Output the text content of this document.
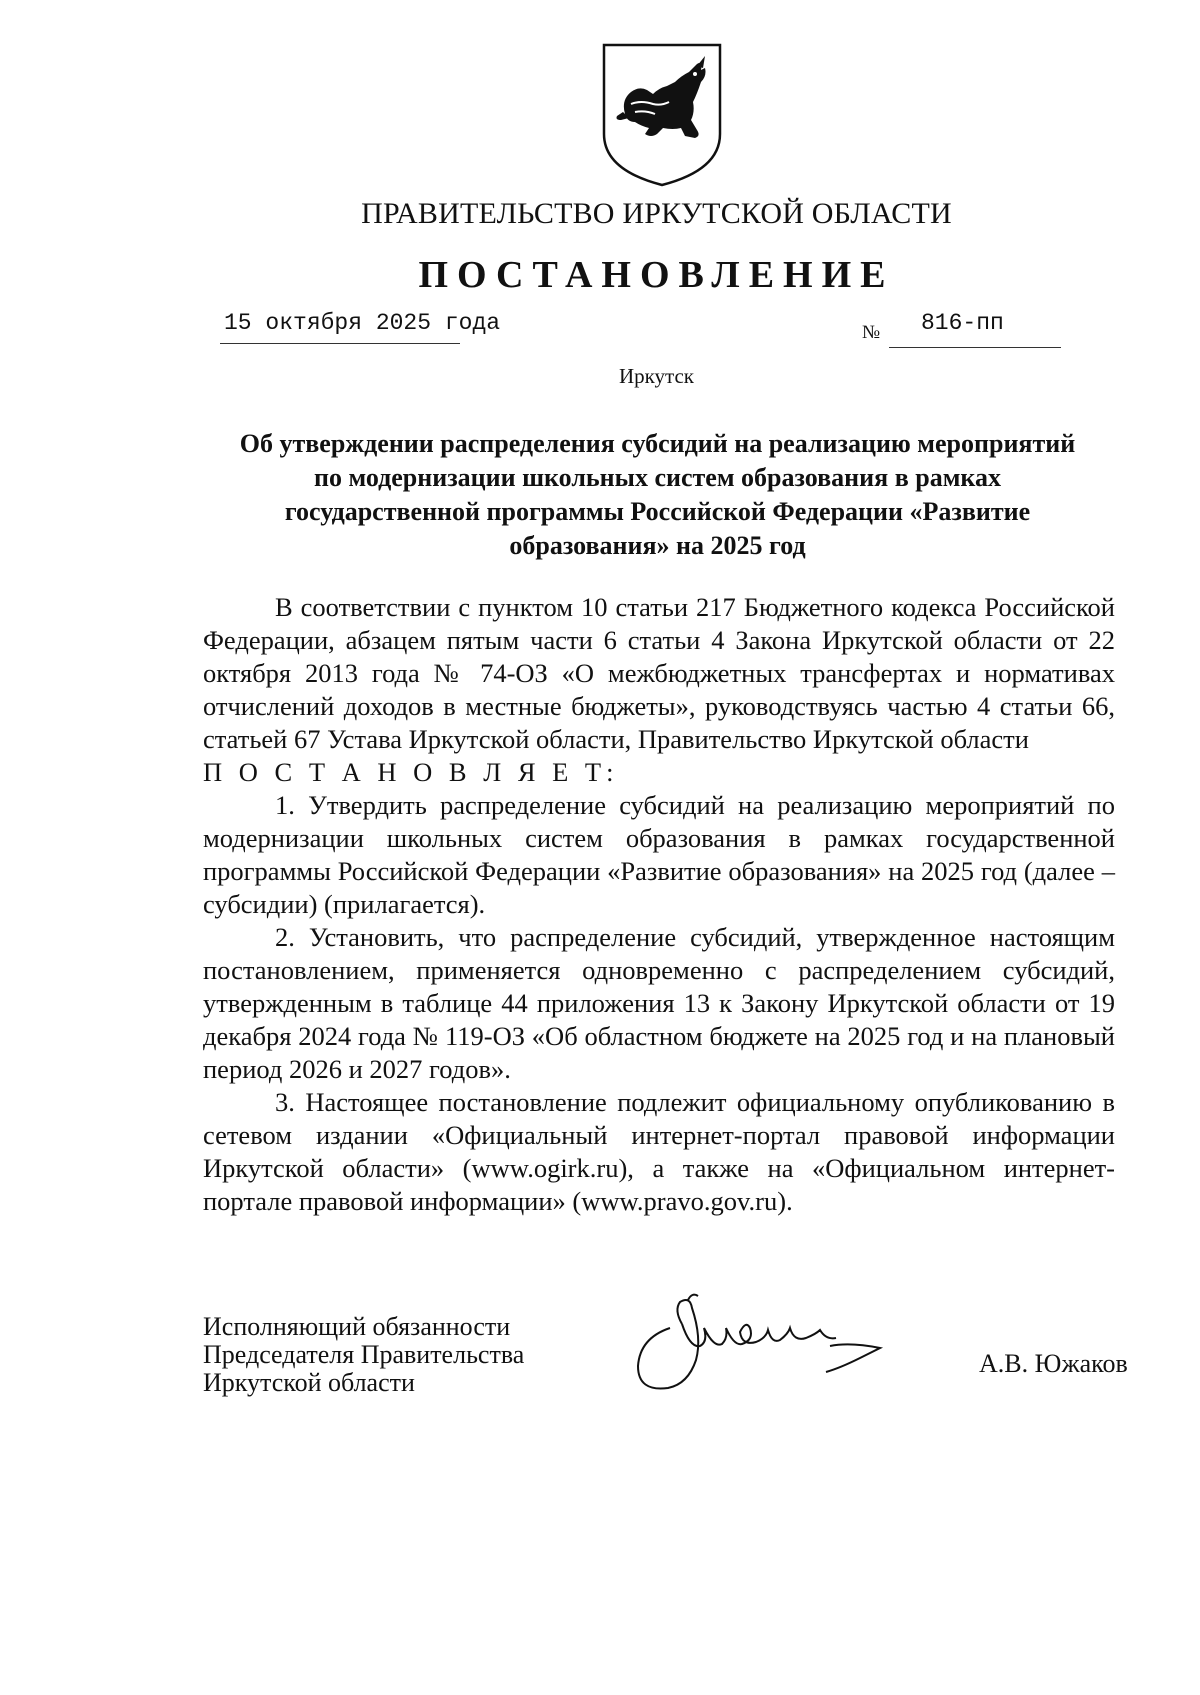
ПРАВИТЕЛЬСТВО ИРКУТСКОЙ ОБЛАСТИ
ПОСТАНОВЛЕНИЕ
15 октября 2025 года	№ 816-пп
Иркутск
Об утверждении распределения субсидий на реализацию мероприятий
по модернизации школьных систем образования в рамках
государственной программы Российской Федерации «Развитие
образования» на 2025 год

В соответствии с пунктом 10 статьи 217 Бюджетного кодекса Российской Федерации, абзацем пятым части 6 статьи 4 Закона Иркутской области от 22 октября 2013 года № 74-ОЗ «О межбюджетных трансфертах и нормативах отчислений доходов в местные бюджеты», руководствуясь частью 4 статьи 66, статьей 67 Устава Иркутской области, Правительство Иркутской области

П О С Т А Н О В Л Я Е Т:

1. Утвердить распределение субсидий на реализацию мероприятий по модернизации школьных систем образования в рамках государственной программы Российской Федерации «Развитие образования» на 2025 год (далее – субсидии) (прилагается).

2. Установить, что распределение субсидий, утвержденное настоящим постановлением, применяется одновременно с распределением субсидий, утвержденным в таблице 44 приложения 13 к Закону Иркутской области от 19 декабря 2024 года № 119-ОЗ «Об областном бюджете на 2025 год и на плановый период 2026 и 2027 годов».

3. Настоящее постановление подлежит официальному опубликованию в сетевом издании «Официальный интернет-портал правовой информации Иркутской области» (www.ogirk.ru), а также на «Официальном интернет-портале правовой информации» (www.pravo.gov.ru).

Исполняющий обязанности
Председателя Правительства
Иркутской области
А.В. Южаков
